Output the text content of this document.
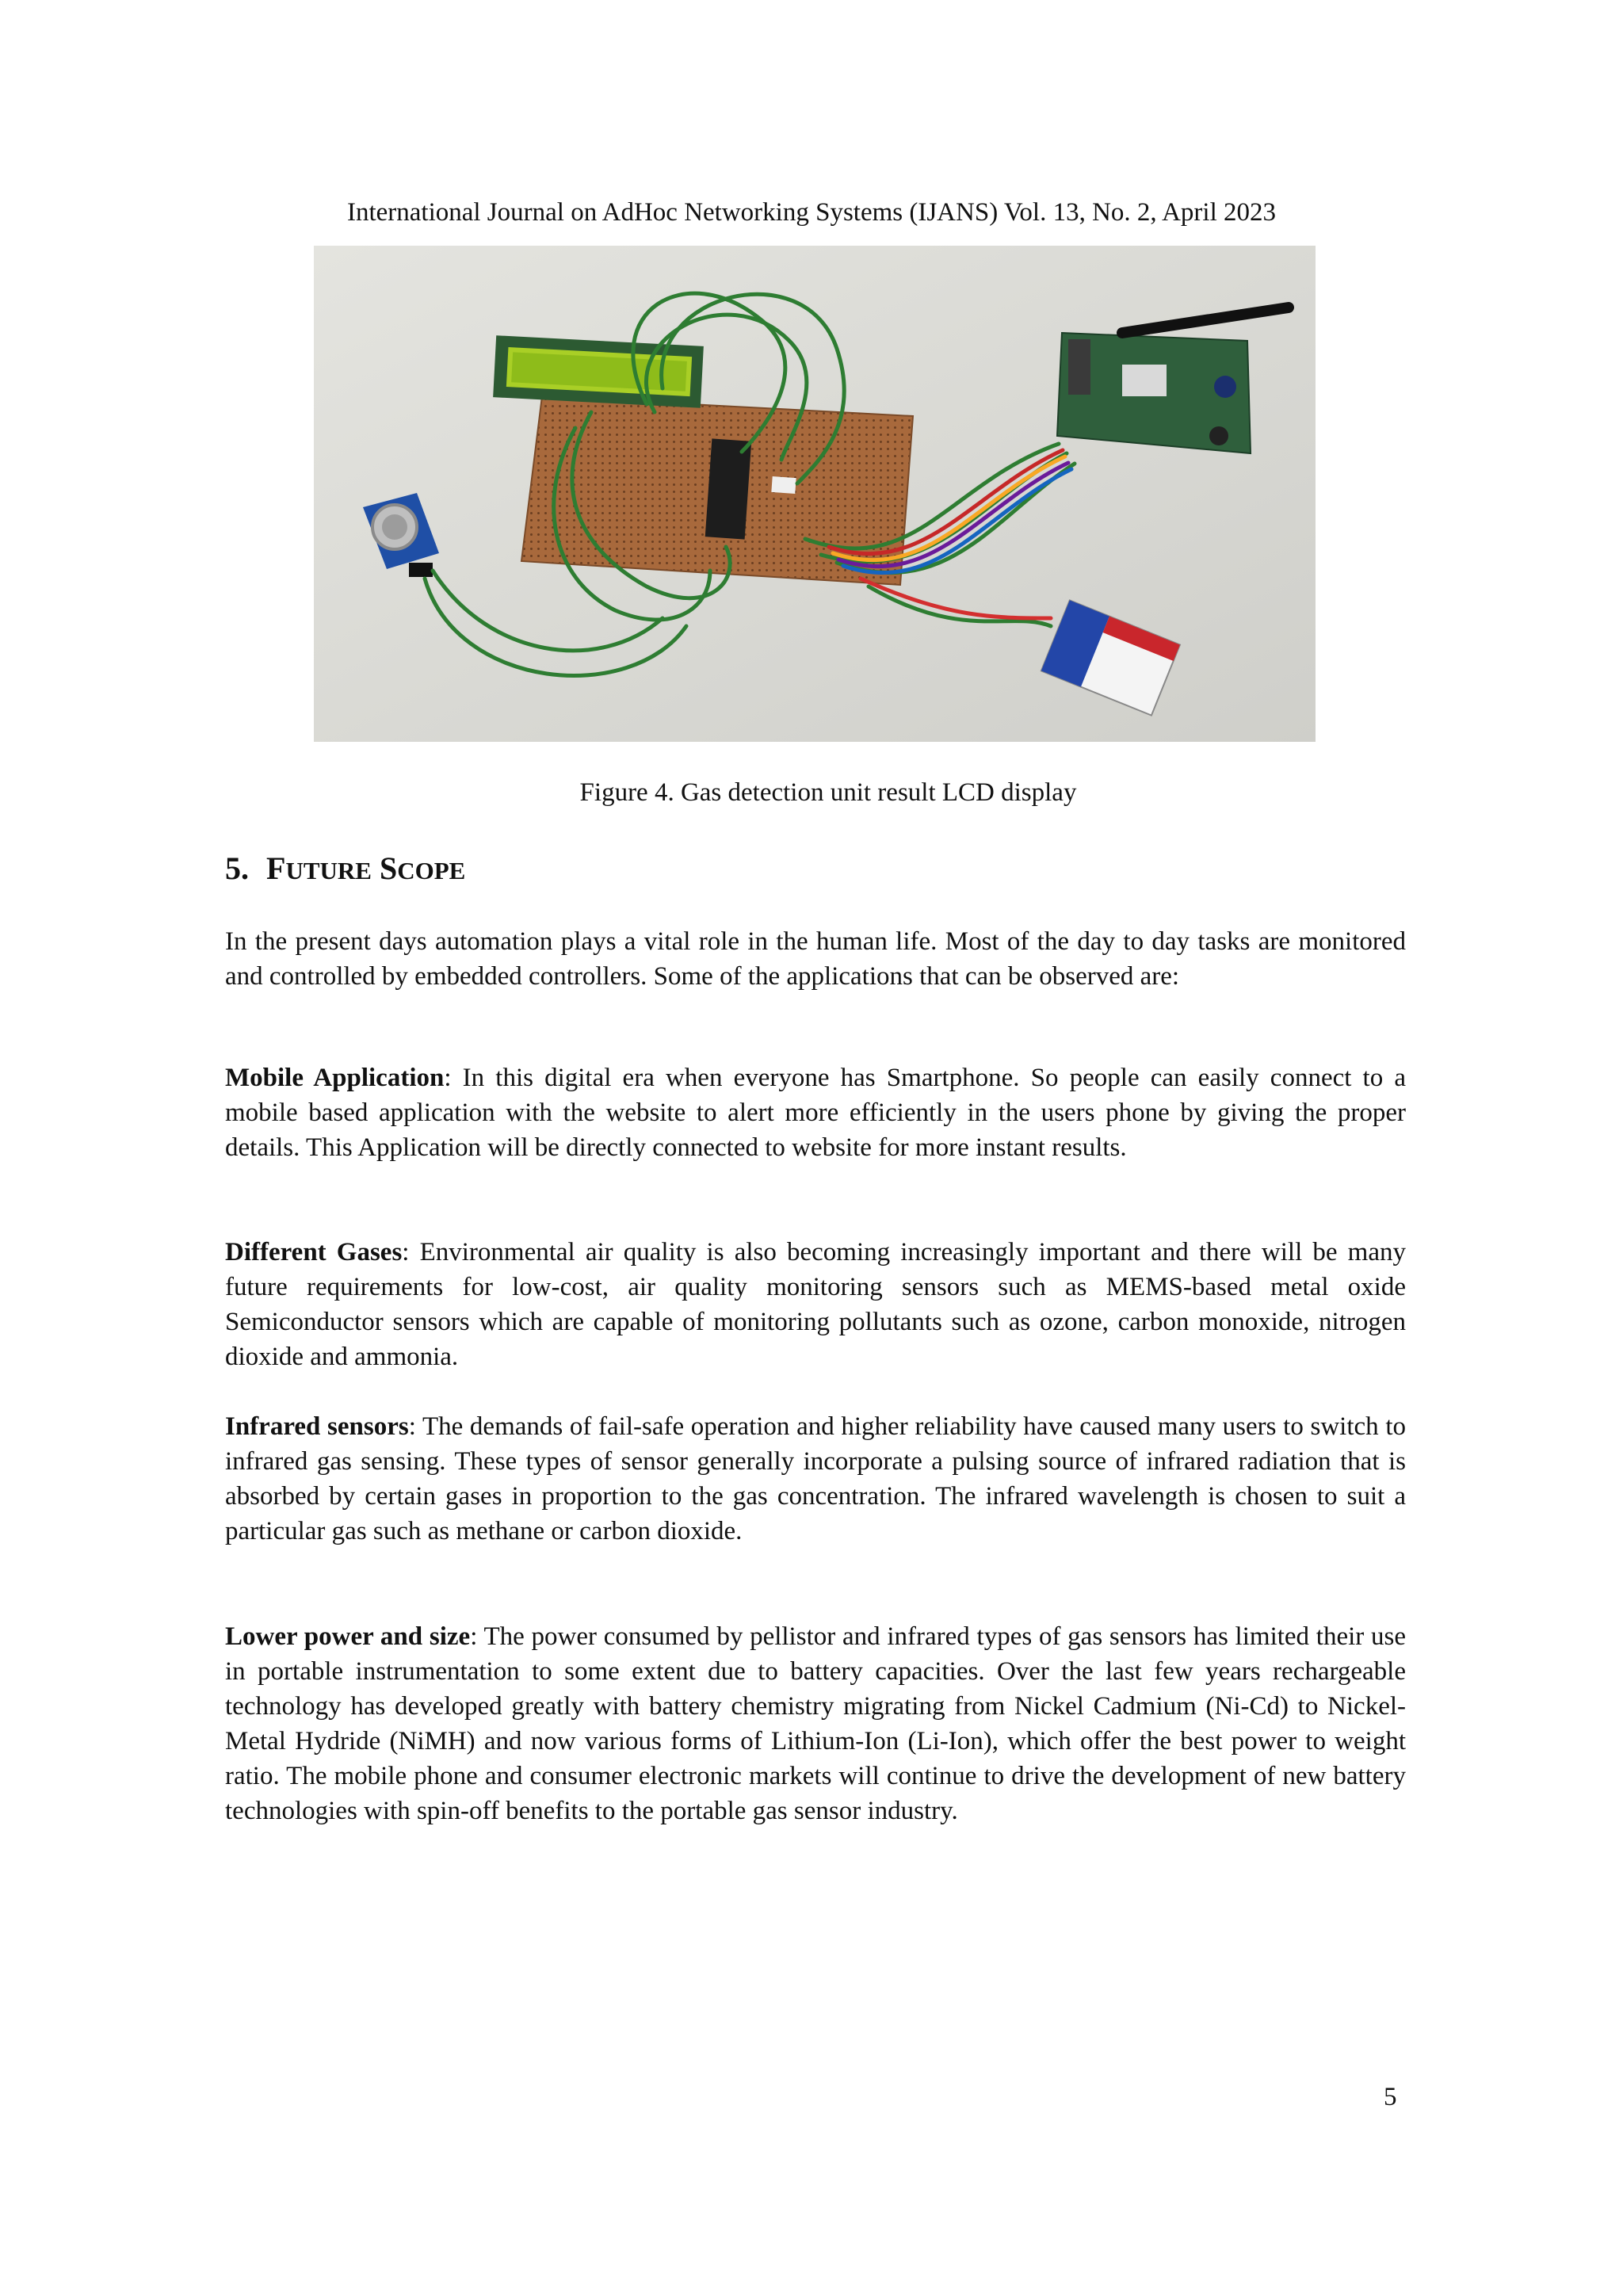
International Journal on AdHoc Networking Systems (IJANS) Vol. 13, No. 2, April 2023
Figure 4. Gas detection unit result LCD display
5. FUTURE SCOPE

In the present days automation plays a vital role in the human life. Most of the day to day tasks are monitored and controlled by embedded controllers. Some of the applications that can be observed are:

Mobile Application: In this digital era when everyone has Smartphone. So people can easily connect to a mobile based application with the website to alert more efficiently in the users phone by giving the proper details. This Application will be directly connected to website for more instant results.

Different Gases: Environmental air quality is also becoming increasingly important and there will be many future requirements for low-cost, air quality monitoring sensors such as MEMS-based metal oxide Semiconductor sensors which are capable of monitoring pollutants such as ozone, carbon monoxide, nitrogen dioxide and ammonia.

Infrared sensors: The demands of fail-safe operation and higher reliability have caused many users to switch to infrared gas sensing. These types of sensor generally incorporate a pulsing source of infrared radiation that is absorbed by certain gases in proportion to the gas concentration. The infrared wavelength is chosen to suit a particular gas such as methane or carbon dioxide.

Lower power and size: The power consumed by pellistor and infrared types of gas sensors has limited their use in portable instrumentation to some extent due to battery capacities. Over the last few years rechargeable technology has developed greatly with battery chemistry migrating from Nickel Cadmium (Ni-Cd) to Nickel-Metal Hydride (NiMH) and now various forms of Lithium-Ion (Li-Ion), which offer the best power to weight ratio. The mobile phone and consumer electronic markets will continue to drive the development of new battery technologies with spin-off benefits to the portable gas sensor industry.

5
